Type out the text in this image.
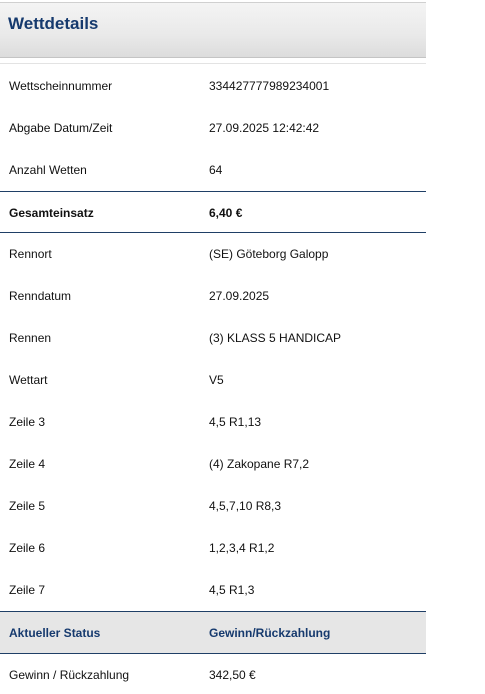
Wettdetails
Wettscheinnummer	334427777989234001
Abgabe Datum/Zeit	27.09.2025 12:42:42
Anzahl Wetten	64
Gesamteinsatz	6,40 €
Rennort	(SE) Göteborg Galopp
Renndatum	27.09.2025
Rennen	(3) KLASS 5 HANDICAP
Wettart	V5
Zeile 3	4,5 R1,13
Zeile 4	(4) Zakopane R7,2
Zeile 5	4,5,7,10 R8,3
Zeile 6	1,2,3,4 R1,2
Zeile 7	4,5 R1,3
Aktueller Status	Gewinn/Rückzahlung
Gewinn / Rückzahlung	342,50 €
